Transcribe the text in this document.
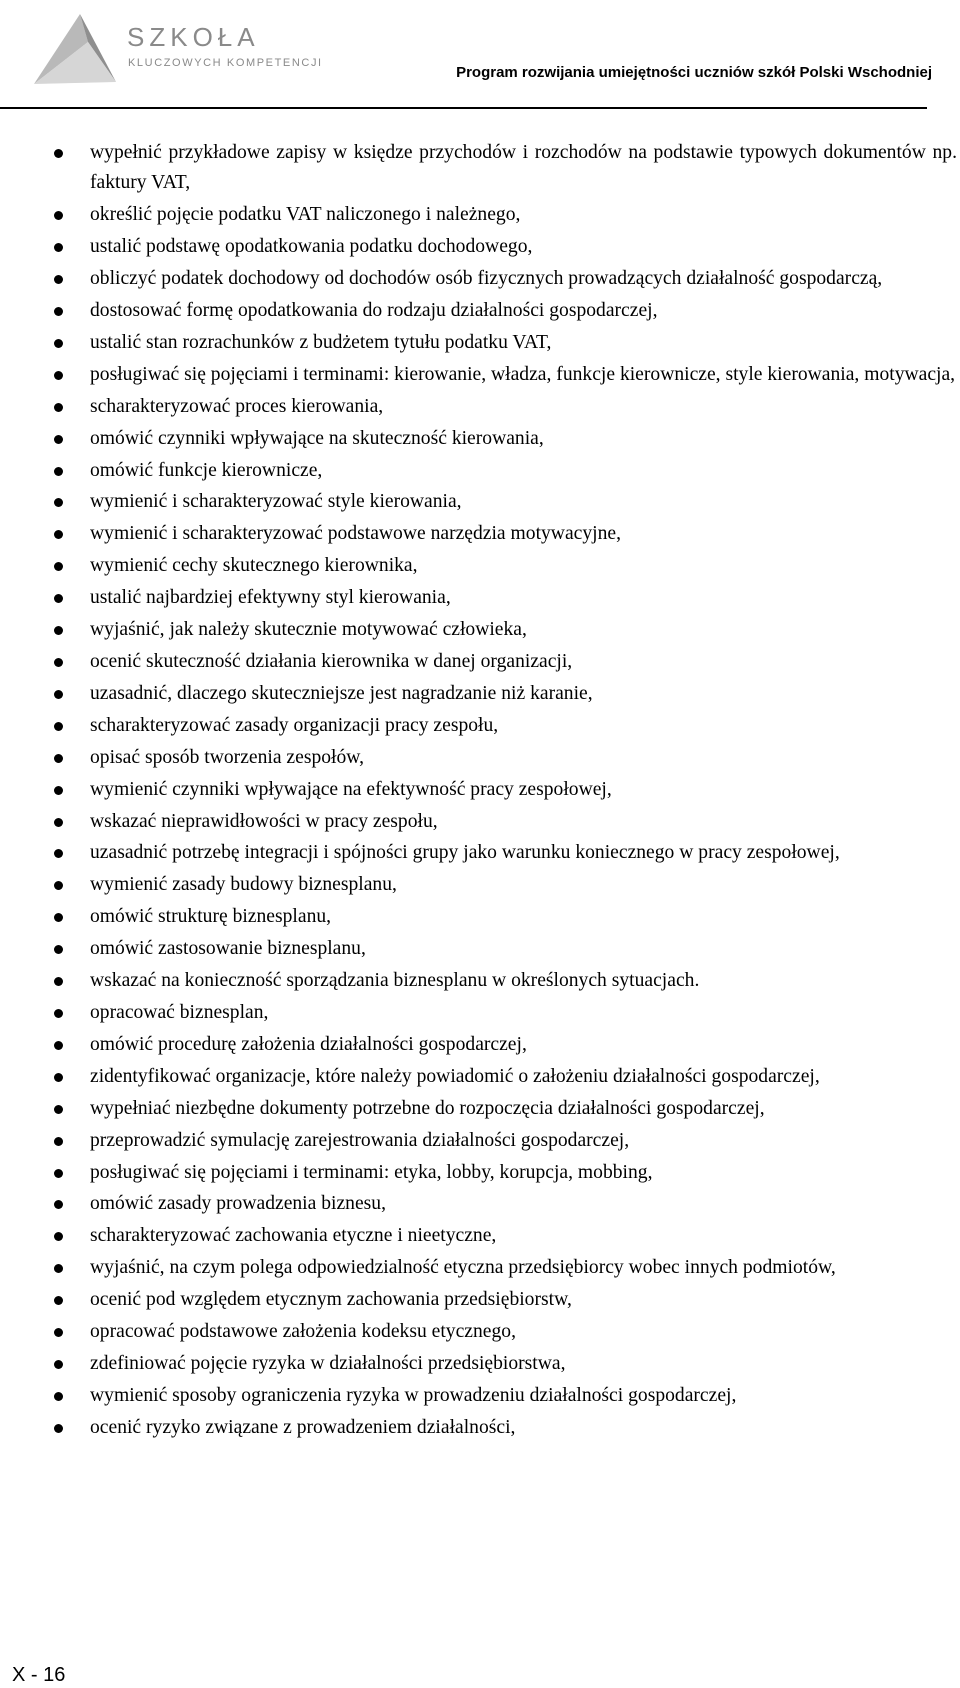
SZKOŁA
KLUCZOWYCH KOMPETENCJI
Program rozwijania umiejętności uczniów szkół Polski Wschodniej
wypełnić przykładowe zapisy w księdze przychodów i rozchodów na podstawie typowych dokumentów np. faktury VAT,
określić pojęcie podatku VAT naliczonego i należnego,
ustalić podstawę opodatkowania podatku dochodowego,
obliczyć podatek dochodowy od dochodów osób fizycznych prowadzących działalność gospodarczą,
dostosować formę opodatkowania do rodzaju działalności gospodarczej,
ustalić stan rozrachunków z budżetem tytułu podatku VAT,
posługiwać się pojęciami i terminami: kierowanie, władza, funkcje kierownicze, style kierowania, motywacja,
scharakteryzować proces kierowania,
omówić czynniki wpływające na skuteczność kierowania,
omówić funkcje kierownicze,
wymienić i scharakteryzować style kierowania,
wymienić i scharakteryzować podstawowe narzędzia motywacyjne,
wymienić cechy skutecznego kierownika,
ustalić najbardziej efektywny styl kierowania,
wyjaśnić, jak należy skutecznie motywować człowieka,
ocenić skuteczność działania kierownika w danej organizacji,
uzasadnić, dlaczego skuteczniejsze jest nagradzanie niż karanie,
scharakteryzować zasady organizacji pracy zespołu,
opisać sposób tworzenia zespołów,
wymienić czynniki wpływające na efektywność pracy zespołowej,
wskazać nieprawidłowości w pracy zespołu,
uzasadnić potrzebę integracji i spójności grupy jako warunku koniecznego w pracy zespołowej,
wymienić zasady budowy biznesplanu,
omówić strukturę biznesplanu,
omówić zastosowanie biznesplanu,
wskazać na konieczność sporządzania biznesplanu w określonych sytuacjach.
opracować biznesplan,
omówić procedurę założenia działalności gospodarczej,
zidentyfikować organizacje, które należy powiadomić o założeniu działalności gospodarczej,
wypełniać niezbędne dokumenty potrzebne do rozpoczęcia działalności gospodarczej,
przeprowadzić symulację zarejestrowania działalności gospodarczej,
posługiwać się pojęciami i terminami: etyka, lobby, korupcja, mobbing,
omówić zasady prowadzenia biznesu,
scharakteryzować zachowania etyczne i nieetyczne,
wyjaśnić, na czym polega odpowiedzialność etyczna przedsiębiorcy wobec innych podmiotów,
ocenić pod względem etycznym zachowania przedsiębiorstw,
opracować podstawowe założenia kodeksu etycznego,
zdefiniować pojęcie ryzyka w działalności przedsiębiorstwa,
wymienić sposoby ograniczenia ryzyka w prowadzeniu działalności gospodarczej,
ocenić ryzyko związane z prowadzeniem działalności,
X - 16
